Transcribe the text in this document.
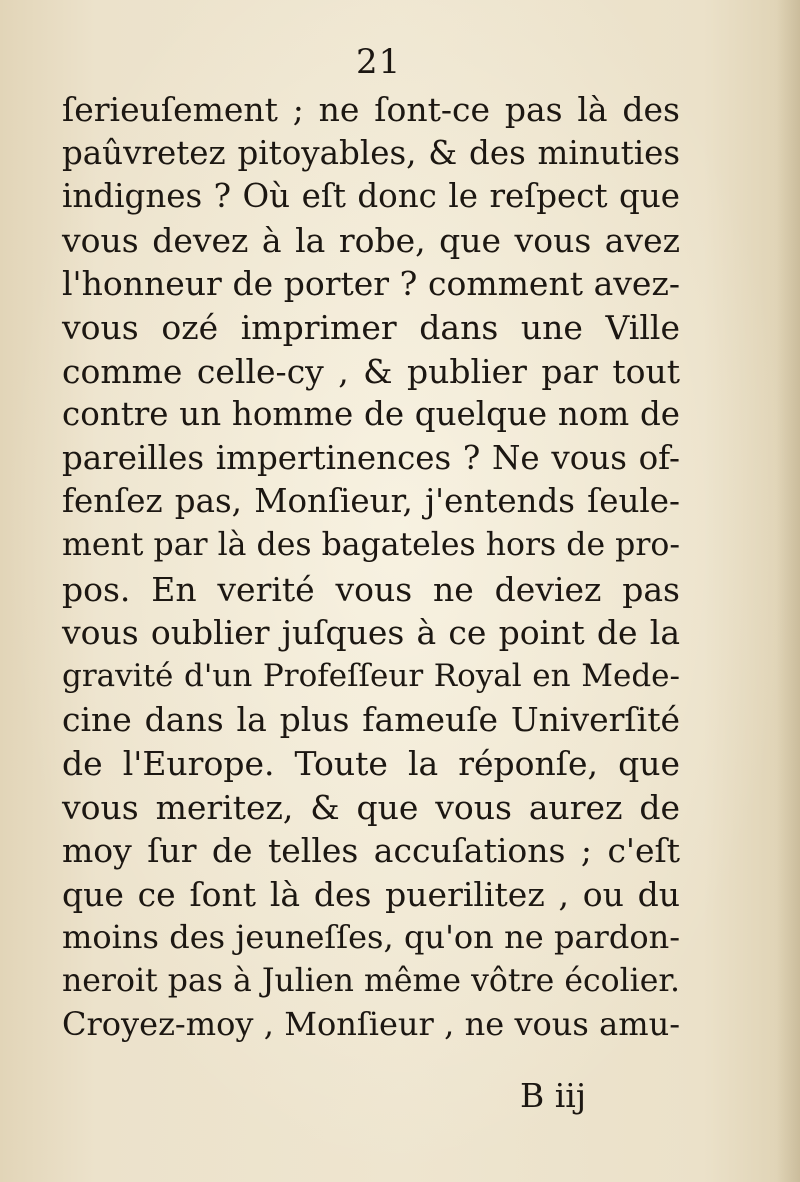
21
ſerieuſement ; ne ſont-ce pas là des
paûvretez pitoyables, & des minuties
indignes ? Où eſt donc le reſpect que
vous devez à la robe, que vous avez
l'honneur de porter ? comment avez-
vous ozé imprimer dans une Ville
comme celle-cy , & publier par tout
contre un homme de quelque nom de
pareilles impertinences ? Ne vous of-
fenſez pas, Monſieur, j'entends ſeule-
ment par là des bagateles hors de pro-
pos. En verité vous ne deviez pas
vous oublier juſques à ce point de la
gravité d'un Profeſſeur Royal en Mede-
cine dans la plus fameuſe Univerſité
de l'Europe. Toute la réponſe, que
vous meritez, & que vous aurez de
moy ſur de telles accuſations ; c'eſt
que ce ſont là des puerilitez , ou du
moins des jeuneſſes, qu'on ne pardon-
neroit pas à Julien même vôtre écolier.
Croyez-moy , Monſieur , ne vous amu-
B iij
